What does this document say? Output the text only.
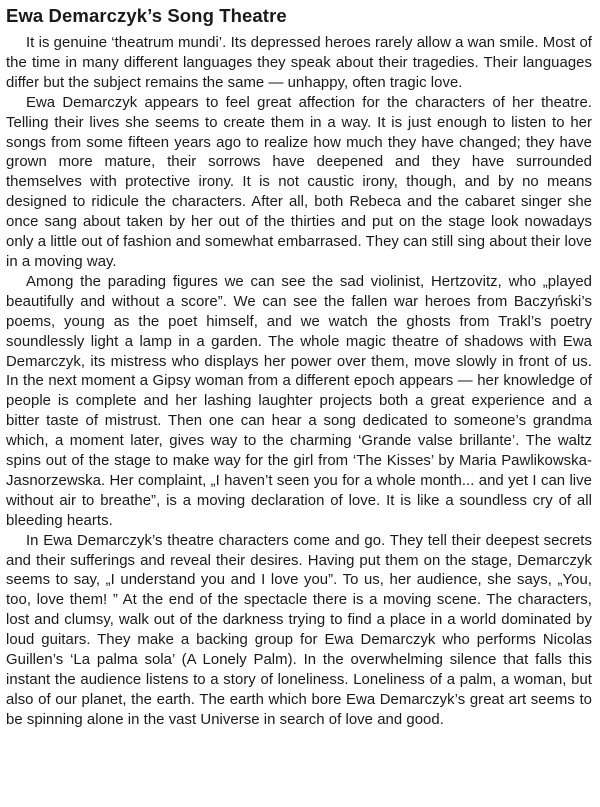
Ewa Demarczyk’s Song Theatre

It is genuine ‘theatrum mundi’. Its depressed heroes rarely allow a wan smile. Most of the time in many different languages they speak about their tragedies. Their languages differ but the subject remains the same — unhappy, often tragic love.

Ewa Demarczyk appears to feel great affection for the characters of her theatre. Telling their lives she seems to create them in a way. It is just enough to listen to her songs from some fifteen years ago to realize how much they have changed; they have grown more mature, their sorrows have deepened and they have surrounded themselves with protective irony. It is not caustic irony, though, and by no means designed to ridicule the characters. After all, both Rebeca and the cabaret singer she once sang about taken by her out of the thirties and put on the stage look nowadays only a little out of fashion and somewhat embarrased. They can still sing about their love in a moving way.

Among the parading figures we can see the sad violinist, Hertzovitz, who „played beautifully and without a score”. We can see the fallen war heroes from Baczyński’s poems, young as the poet himself, and we watch the ghosts from Trakl’s poetry soundlessly light a lamp in a garden. The whole magic theatre of shadows with Ewa Demarczyk, its mistress who displays her power over them, move slowly in front of us. In the next moment a Gipsy woman from a different epoch appears — her knowledge of people is complete and her lashing laughter projects both a great experience and a bitter taste of mistrust. Then one can hear a song dedicated to someone’s grandma which, a moment later, gives way to the charming ‘Grande valse brillante’. The waltz spins out of the stage to make way for the girl from ‘The Kisses’ by Maria Pawlikowska-Jasnorzewska. Her complaint, „I haven’t seen you for a whole month... and yet I can live without air to breathe”, is a moving declaration of love. It is like a soundless cry of all bleeding hearts.

In Ewa Demarczyk’s theatre characters come and go. They tell their deepest secrets and their sufferings and reveal their desires. Having put them on the stage, Demarczyk seems to say, „I understand you and I love you”. To us, her audience, she says, „You, too, love them! ” At the end of the spectacle there is a moving scene. The characters, lost and clumsy, walk out of the darkness trying to find a place in a world dominated by loud guitars. They make a backing group for Ewa Demarczyk who performs Nicolas Guillen’s ‘La palma sola’ (A Lonely Palm). In the overwhelming silence that falls this instant the audience listens to a story of loneliness. Loneliness of a palm, a woman, but also of our planet, the earth. The earth which bore Ewa Demarczyk’s great art seems to be spinning alone in the vast Universe in search of love and good.
